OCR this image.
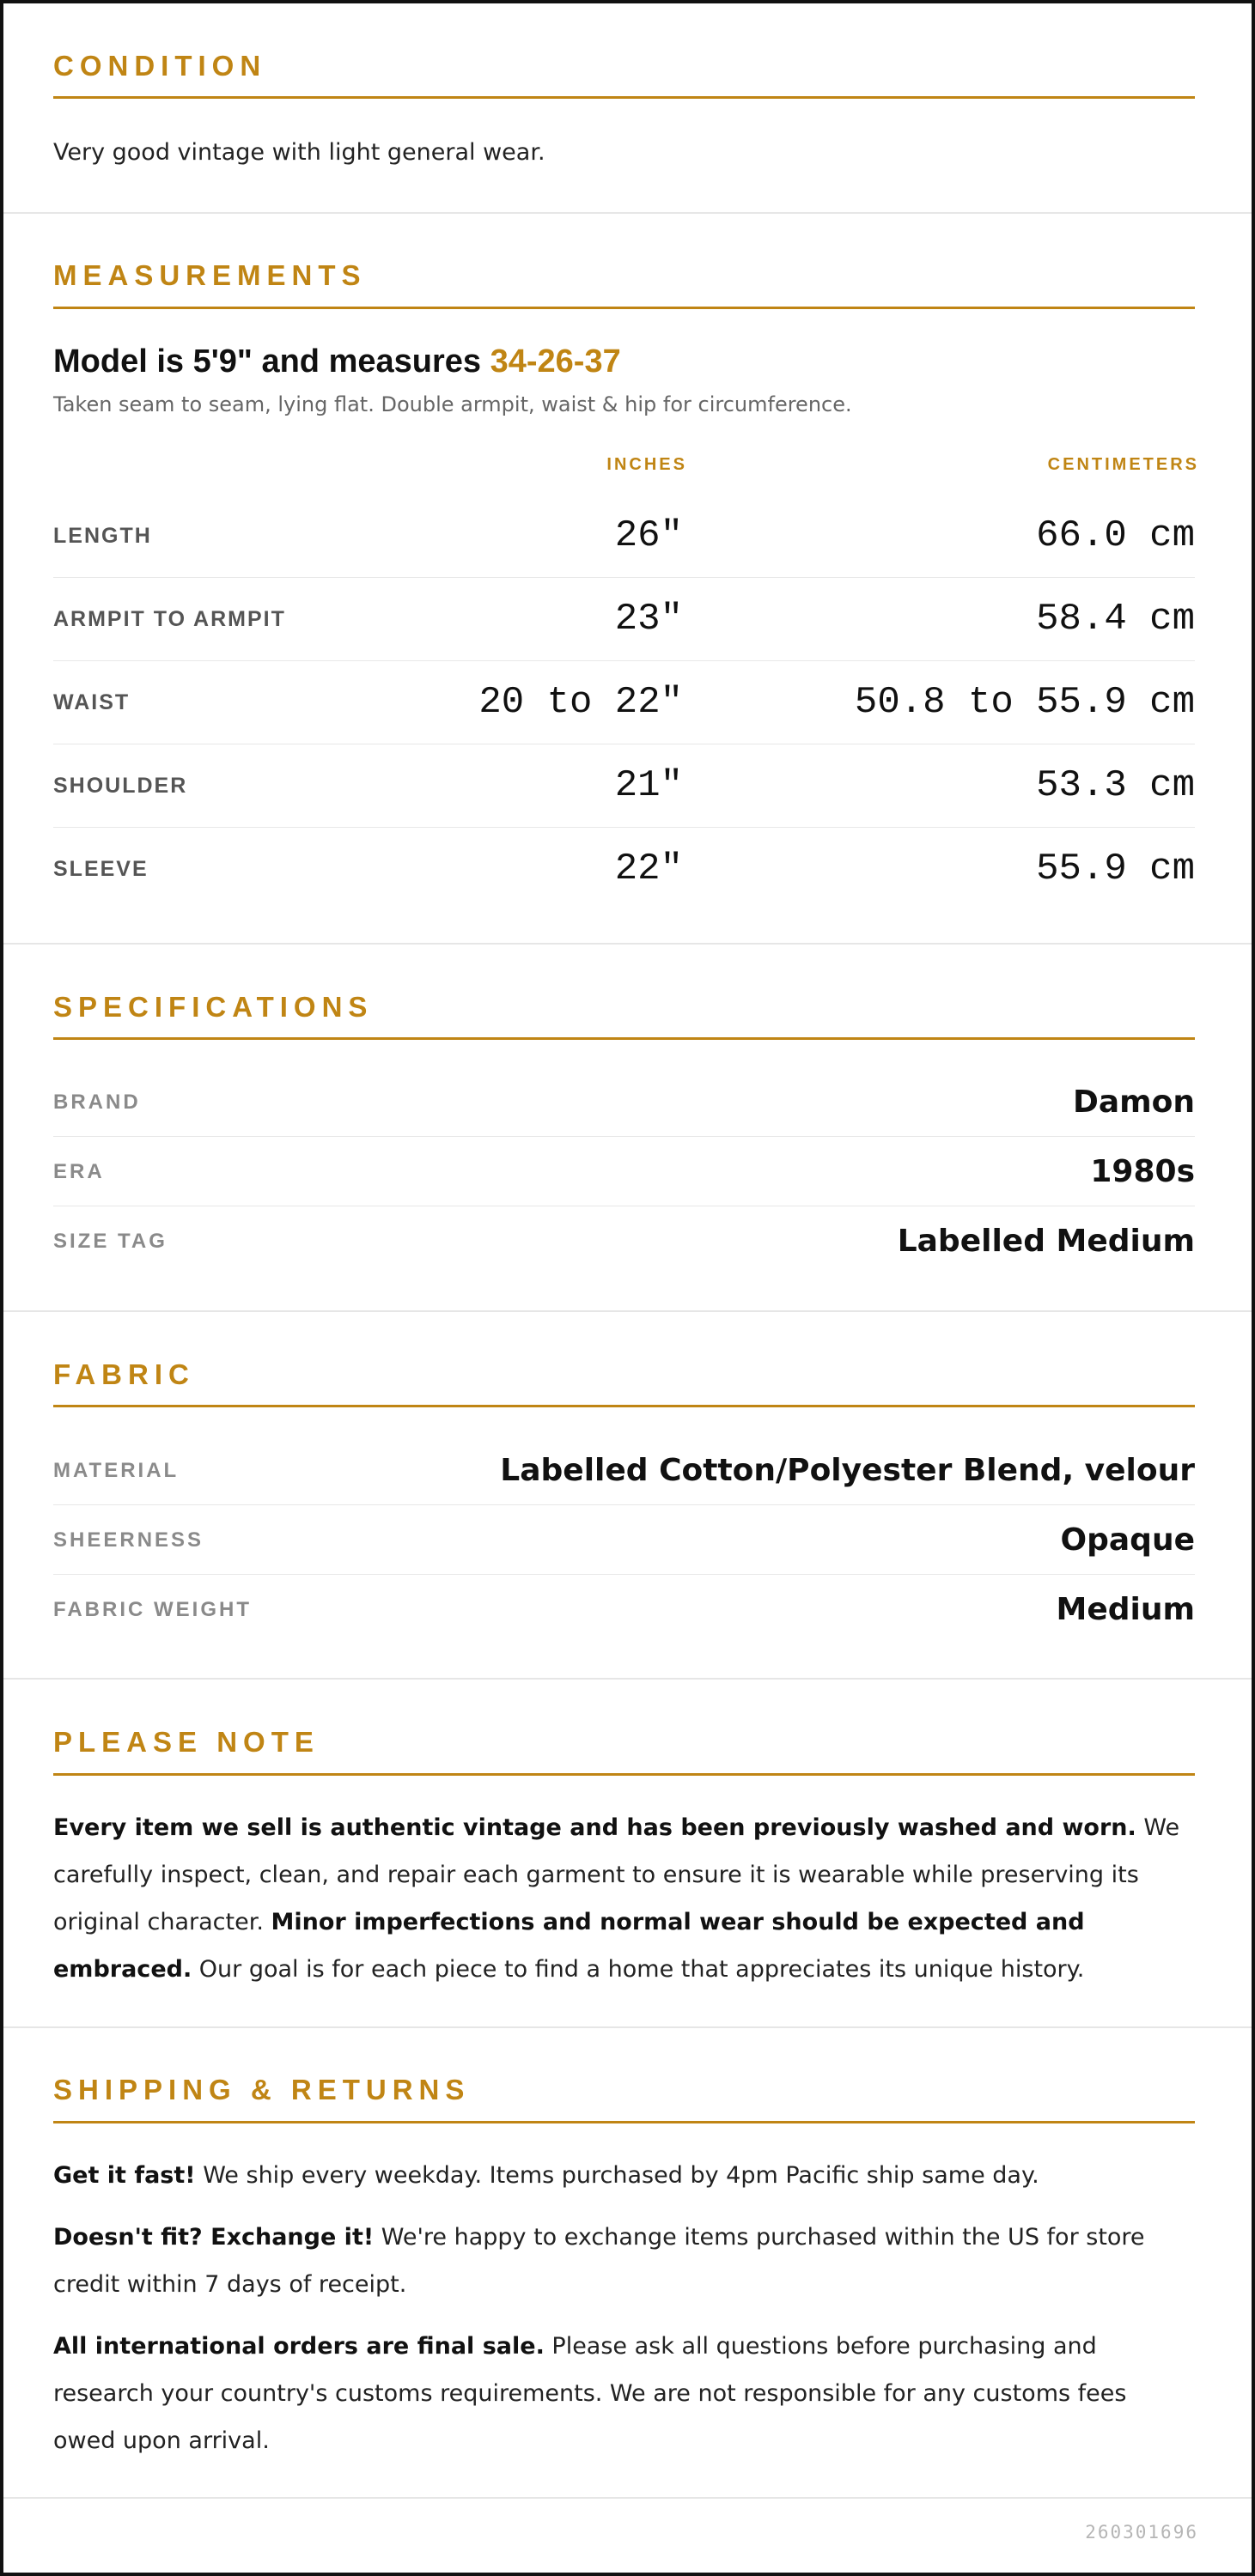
CONDITION
Very good vintage with light general wear.
MEASUREMENTS
Model is 5'9" and measures 34-26-37
Taken seam to seam, lying flat. Double armpit, waist & hip for circumference.
INCHES	CENTIMETERS
LENGTH	26"	66.0 cm
ARMPIT TO ARMPIT	23"	58.4 cm
WAIST	20 to 22"	50.8 to 55.9 cm
SHOULDER	21"	53.3 cm
SLEEVE	22"	55.9 cm
SPECIFICATIONS
BRAND	Damon
ERA	1980s
SIZE TAG	Labelled Medium
FABRIC
MATERIAL	Labelled Cotton/Polyester Blend, velour
SHEERNESS	Opaque
FABRIC WEIGHT	Medium
PLEASE NOTE
Every item we sell is authentic vintage and has been previously washed and worn. We carefully inspect, clean, and repair each garment to ensure it is wearable while preserving its original character. Minor imperfections and normal wear should be expected and embraced. Our goal is for each piece to find a home that appreciates its unique history.
SHIPPING & RETURNS
Get it fast! We ship every weekday. Items purchased by 4pm Pacific ship same day.
Doesn't fit? Exchange it! We're happy to exchange items purchased within the US for store credit within 7 days of receipt.
All international orders are final sale. Please ask all questions before purchasing and research your country's customs requirements. We are not responsible for any customs fees owed upon arrival.
260301696
